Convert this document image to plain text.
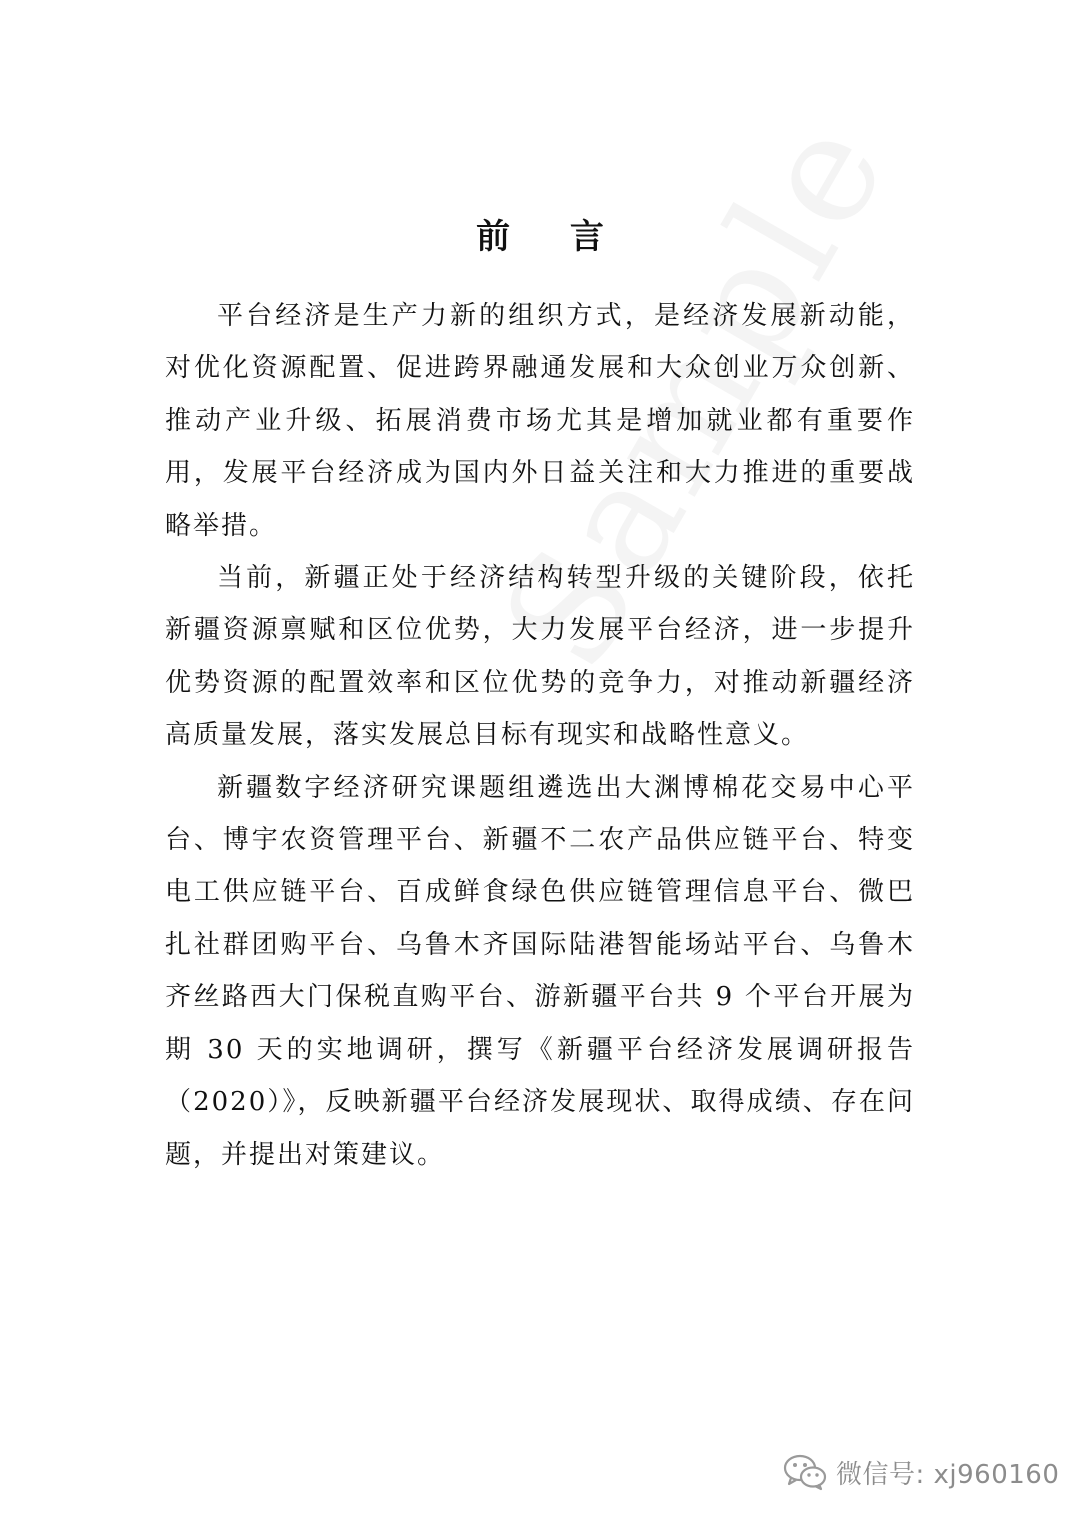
前 言

平台经济是生产力新的组织方式，是经济发展新动能，对优化资源配置、促进跨界融通发展和大众创业万众创新、推动产业升级、拓展消费市场尤其是增加就业都有重要作用，发展平台经济成为国内外日益关注和大力推进的重要战略举措。

当前，新疆正处于经济结构转型升级的关键阶段，依托新疆资源禀赋和区位优势，大力发展平台经济，进一步提升优势资源的配置效率和区位优势的竞争力，对推动新疆经济高质量发展，落实发展总目标有现实和战略性意义。

新疆数字经济研究课题组遴选出大渊博棉花交易中心平台、博宇农资管理平台、新疆不二农产品供应链平台、特变电工供应链平台、百成鲜食绿色供应链管理信息平台、微巴扎社群团购平台、乌鲁木齐国际陆港智能场站平台、乌鲁木齐丝路西大门保税直购平台、游新疆平台共 9 个平台开展为期 30 天的实地调研，撰写《新疆平台经济发展调研报告（2020）》，反映新疆平台经济发展现状、取得成绩、存在问题，并提出对策建议。

微信号: xj960160
